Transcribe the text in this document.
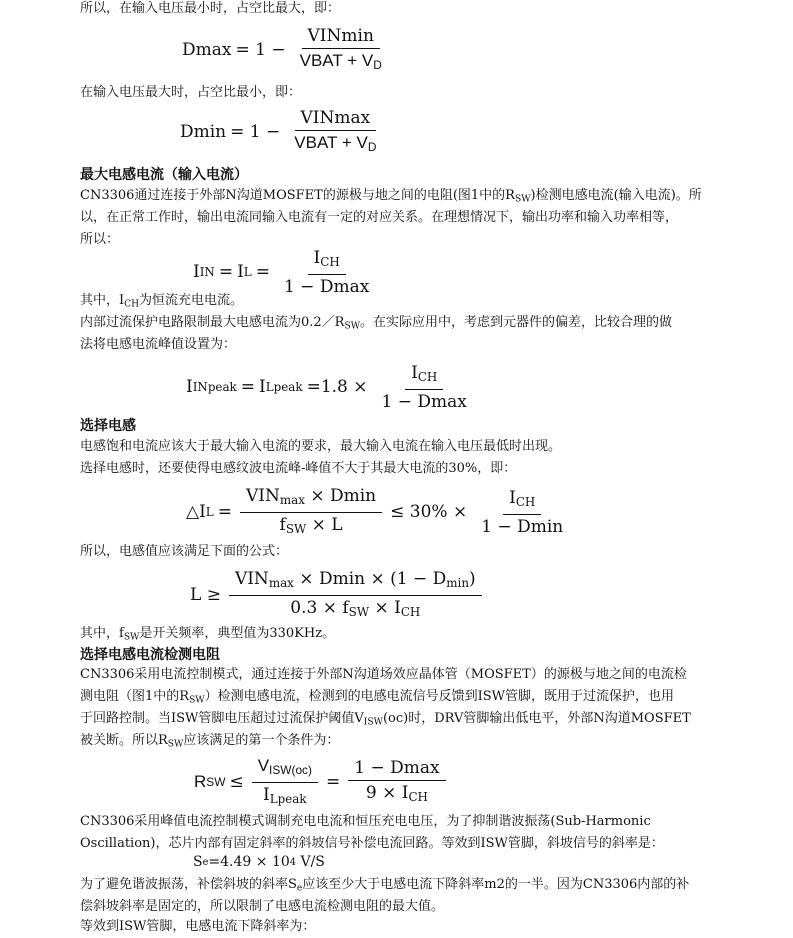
所以，在输入电压最小时，占空比最大，即：

$Dmax = 1 - \frac{\text{VINmin}}{VBAT + V_D}$

在输入电压最大时，占空比最小，即：

$Dmin = 1 - \frac{\text{VINmax}}{VBAT + V_D}$
最大电感电流（输入电流）

CN3306通过连接于外部N沟道MOSFET的源极与地之间的电阻(图1中的$R_{SW}$)检测电感电流(输入电流)。所

以，在正常工作时，输出电流同输入电流有一定的对应关系。在理想情况下，输出功率和输入功率相等，

所以：

I IN = I $L = \frac{I_{CH}}{1 - Dmax}$

其中，$I_{CH}$为恒流充电电流。

内部过流保护电路限制最大电感电流为$0.2/R_{SW}$。在实际应用中，考虑到元器件的偏差，比较合理的做

法将电感电流峰值设置为：

I INpeak = I Lpeak $=1.8 \times \frac{I_{CH}}{1 - Dmax}$
选择电感

电感饱和电流应该大于最大输入电流的要求，最大输入电流在输入电压最低时出现。

选择电感时，还要使得电感纹波电流峰-峰值不大于其最大电流的30%，即：

△I $L = \frac{VIN_{max} \times Dmin}{f_{SW} \times L} \le 30\% \times \frac{I_{CH}}{1 - Dmin}$

所以，电感值应该满足下面的公式：

$L \ge \frac{VIN_{max} \times Dmin \times (1 - D_{min})}{0.3 \times f_{SW} \times I_{CH}}$

其中，$f_{SW}$是开关频率，典型值为330KHz。

选择电感电流检测电阻

CN3306采用电流控制模式，通过连接于外部N沟道场效应晶体管（MOSFET）的源极与地之间的电流检

测电阻（图1中的$R_{SW}$）检测电感电流，检测到的电感电流信号反馈到ISW管脚，既用于过流保护，也用

于回路控制。当ISW管脚电压超过过流保护阈值$V_{ISW}(oc)$时，DRV管脚输出低电平，外部N沟道MOSFET

被关断。所以$R_{SW}$应该满足的第一个条件为：

R SW ≤ $\frac{V_{ISW(oc)}}{I_{Lpeak}} = \frac{1 - Dmax}{9 \times I_{CH}}$

CN3306采用峰值电流控制模式调制充电电流和恒压充电电压，为了抑制谐波振荡(Sub-Harmonic

Oscillation)，芯片内部有固定斜率的斜坡信号补偿电流回路。等效到ISW管脚，斜坡信号的斜率是：

S e =4.49 × 10 4
V/S

为了避免谐波振荡，补偿斜坡的斜率$S_e$应该至少大于电感电流下降斜率m2的一半。因为CN3306内部的补

偿斜坡斜率是固定的，所以限制了电感电流检测电阻的最大值。

等效到ISW管脚，电感电流下降斜率为：
